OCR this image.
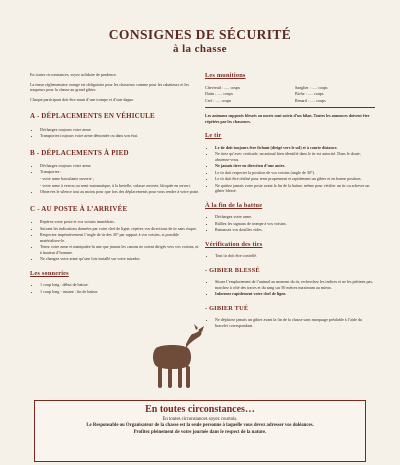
CONSIGNES DE SÉCURITÉ
à la chasse

En toutes circonstances, soyez solidaire de prudence.

La tenue réglementaire orange est obligatoire pour les chasseurs comme pour les rabatteurs et les traqueurs pour la chasse au grand gibier.

Chaque participant doit être muni d’une trompe et d’une dague.

A - DÉPLACEMENTS EN VÉHICULE
• Déchargez toujours votre arme.
• Transportez toujours votre arme démontée ou dans son étui.
B - DÉPLACEMENTS À PIED
• Déchargez toujours votre arme.
• Transportez :
- votre arme basculante ouverte ;
- votre arme à verrou ou semi-automatique, à la bretelle, culasse ouverte, bloquée en ouvert.
• Observez le silence tout au moins pour que lors des déplacements pour vous rendre à votre poste.
C - AU POSTE À L’ARRIVÉE
• Repérez votre poste et vos voisins immédiats.
• Suivant les indications données par votre chef de ligne, repérez vos directions de tir sans risque.
• Respectez impérativement l’angle de tir des 30° par rapport à vos voisins, si possible matérialisez-le.
• Tenez votre arme et manipulez-la une que jamais les canons ne soient dirigés vers vos voisins, ni à hauteur d’homme.
• Ne changez votre arme qu’une fois installé sur votre mirador.
Les sonneries
• 1 coup long : début de battue.
• 1 coup long - instant : fin de battue.
Les munitions
Chevreuil : ..... coups	Sanglier : ..... coups
Daim : ..... coups	Biche : ..... coups
Cerf : ..... coups	Renard : ..... coups

Les animaux supposés blessés ou morts sont suivis d’un bilan. Toutes les annonces doivent être répétées par les chasseurs.

Le tir
• Le tir doit toujours être fichant (dirigé vers le sol) et à courte distance.
• Ne tirez qu’avec certitude, un animal bien identifié dans le tir est autorisé. Dans le doute, abstenez-vous.
• Ne jamais tirer en direction d’une autre.
• Le tir doit respecter la position de vos voisins (angle de 30°).
• Le tir doit être réalisé pour tenir proprement et rapidement un gibier et en bonne position.
• Ne quittez jamais votre poste avant la fin de la battue, même pour vérifier un tir ou achever un gibier blessé.
À la fin de la battue
• Déchargez votre arme.
• Ralliez les signaux de trompe à vos voisins.
• Ramassez vos douilles vides.
Vérification des tirs
• Tout tir doit être contrôlé.
- GIBIER BLESSÉ
• Situez l’emplacement de l’animal au moment du tir, recherchez les indices et ne les piétinez pas, marchez à côté des traces et du sang sur 50 mètres maximum au mieux.
• Informez rapidement votre chef de ligne.
- GIBIER TUÉ
• Ne déplacez jamais un gibier avant la fin de la chasse sans marquage préalable à l’aide du bracelet correspondant.
En toutes circonstances…
En toutes circonstances soyez courtois.
Le Responsable ou Organisateur de la chasse est la seule personne à laquelle vous devez adresser vos doléances.
Profitez pleinement de votre journée dans le respect de la nature.
